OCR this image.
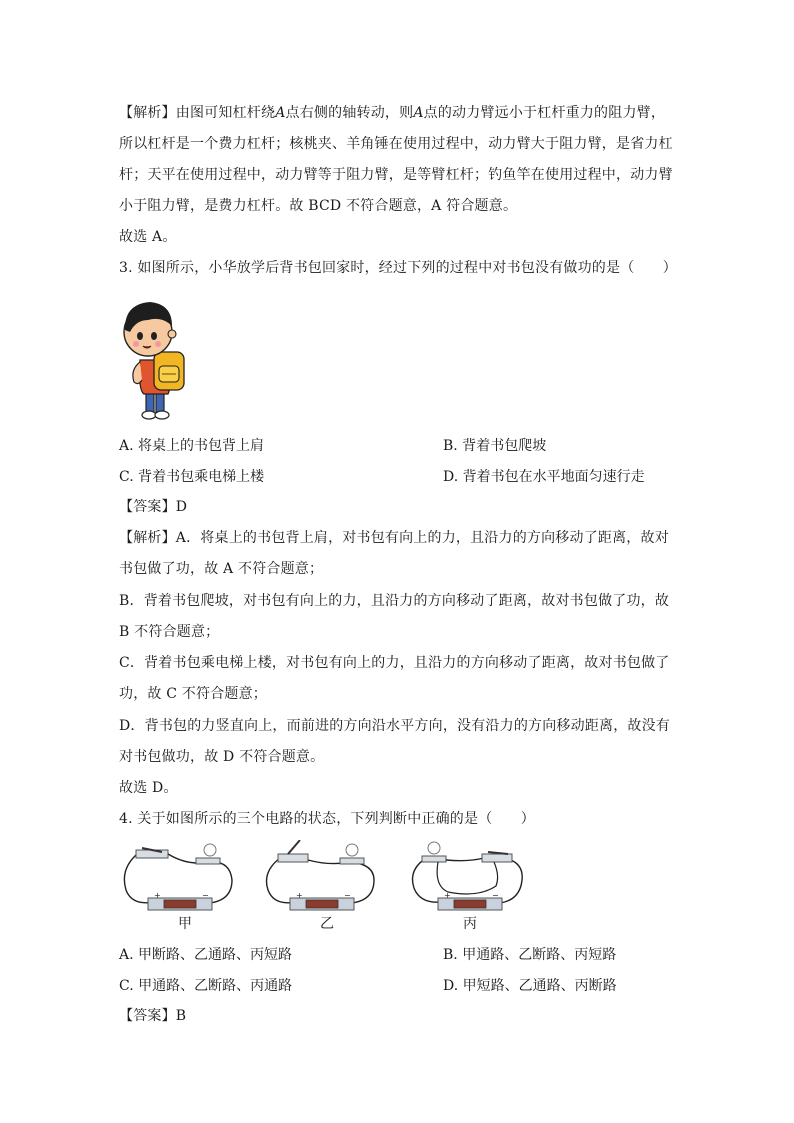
【解析】由图可知杠杆绕A点右侧的轴转动，则A点的动力臂远小于杠杆重力的阻力臂，
所以杠杆是一个费力杠杆；核桃夹、羊角锤在使用过程中，动力臂大于阻力臂，是省力杠
杆；天平在使用过程中，动力臂等于阻力臂，是等臂杠杆；钓鱼竿在使用过程中，动力臂
小于阻力臂，是费力杠杆。故 BCD 不符合题意，A 符合题意。
故选 A。
3. 如图所示，小华放学后背书包回家时，经过下列的过程中对书包没有做功的是（　　）
A. 将桌上的书包背上肩	B. 背着书包爬坡
C. 背着书包乘电梯上楼	D. 背着书包在水平地面匀速行走
【答案】D
【解析】A．将桌上的书包背上肩，对书包有向上的力，且沿力的方向移动了距离，故对
书包做了功，故 A 不符合题意；
B．背着书包爬坡，对书包有向上的力，且沿力的方向移动了距离，故对书包做了功，故
B 不符合题意；
C．背着书包乘电梯上楼，对书包有向上的力，且沿力的方向移动了距离，故对书包做了
功，故 C 不符合题意；
D．背书包的力竖直向上，而前进的方向沿水平方向，没有沿力的方向移动距离，故没有
对书包做功，故 D 不符合题意。
故选 D。
4. 关于如图所示的三个电路的状态，下列判断中正确的是（　　）
+	−	+	−	+	−
甲	乙	丙
A. 甲断路、乙通路、丙短路	B. 甲通路、乙断路、丙短路
C. 甲通路、乙断路、丙通路	D. 甲短路、乙通路、丙断路
【答案】B
